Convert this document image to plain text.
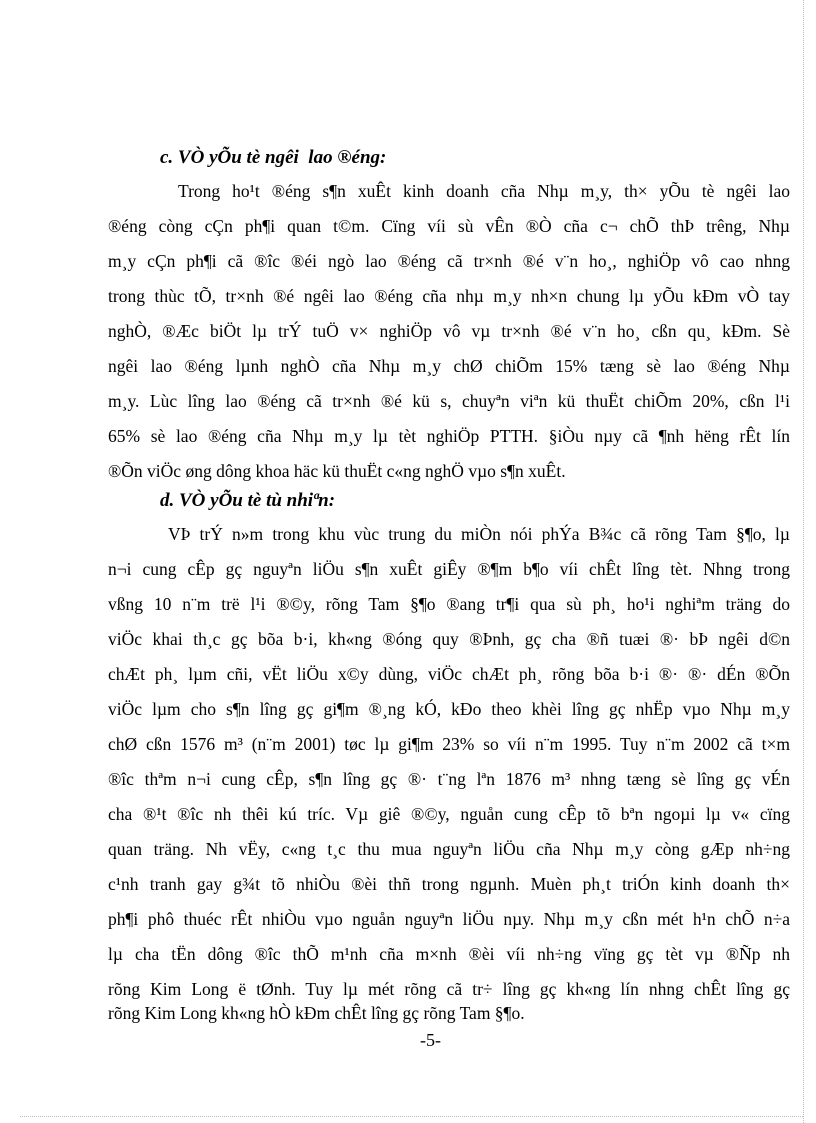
c. VÒ yÕu tè ngêi  lao ®éng:
Trong ho¹t ®éng s¶n xuÊt kinh doanh cña Nhµ m¸y, th× yÕu tè ngêi lao
®éng còng cÇn ph¶i quan t©m. Cïng víi sù vÊn ®Ò cña c¬ chÕ thÞ trêng, Nhµ
m¸y cÇn ph¶i cã ®îc ®éi ngò lao ®éng cã tr×nh ®é v¨n ho¸, nghiÖp vô cao nhng
trong thùc tÕ, tr×nh ®é ngêi lao ®éng cña nhµ m¸y nh×n chung lµ yÕu kÐm vÒ tay
nghÒ, ®Æc biÖt lµ trÝ tuÖ v× nghiÖp vô vµ tr×nh ®é v¨n ho¸ cßn qu¸ kÐm. Sè
ngêi lao ®éng lµnh nghÒ cña Nhµ m¸y chØ chiÕm 15% tæng sè lao ®éng Nhµ
m¸y. Lùc lîng lao ®éng cã tr×nh ®é kü s, chuyªn viªn kü thuËt chiÕm 20%, cßn l¹i
65% sè lao ®éng cña Nhµ m¸y lµ tèt nghiÖp PTTH. §iÒu nµy cã ¶nh hëng rÊt lín
®Õn viÖc øng dông khoa häc kü thuËt c«ng nghÖ vµo s¶n xuÊt.
d. VÒ yÕu tè tù nhiªn:
VÞ trÝ n»m trong khu vùc trung du miÒn nói phÝa B¾c cã rõng Tam §¶o, lµ
n¬i cung cÊp gç nguyªn liÖu s¶n xuÊt giÊy ®¶m b¶o víi chÊt lîng tèt. Nhng trong
vßng 10 n¨m trë l¹i ®©y, rõng Tam §¶o ®ang tr¶i qua sù ph¸ ho¹i nghiªm träng do
viÖc khai th¸c gç bõa b·i, kh«ng ®óng quy ®Þnh, gç cha ®ñ tuæi ®· bÞ ngêi d©n
chÆt ph¸ lµm cñi, vËt liÖu x©y dùng, viÖc chÆt ph¸ rõng bõa b·i ®· ®· dÉn ®Õn
viÖc lµm cho s¶n lîng gç gi¶m ®¸ng kÓ, kÐo theo khèi lîng gç nhËp vµo Nhµ m¸y
chØ cßn 1576 m³ (n¨m 2001) tøc lµ gi¶m 23% so víi n¨m 1995. Tuy n¨m 2002 cã t×m
®îc thªm n¬i cung cÊp, s¶n lîng gç ®· t¨ng lªn 1876 m³ nhng tæng sè lîng gç vÉn
cha ®¹t ®îc nh thêi kú tríc. Vµ giê ®©y, nguån cung cÊp tõ bªn ngoµi lµ v« cïng
quan träng. Nh vËy, c«ng t¸c thu mua nguyªn liÖu cña Nhµ m¸y còng gÆp nh÷ng
c¹nh tranh gay g¾t tõ nhiÒu ®èi thñ trong ngµnh. Muèn ph¸t triÓn kinh doanh th×
ph¶i phô thuéc rÊt nhiÒu vµo nguån nguyªn liÖu nµy. Nhµ m¸y cßn mét h¹n chÕ n÷a
lµ cha tËn dông ®îc thÕ m¹nh cña m×nh ®èi víi nh÷ng vïng gç tèt vµ ®Ñp nh
rõng Kim Long ë tØnh. Tuy lµ mét rõng cã tr÷ lîng gç kh«ng lín nhng chÊt lîng gç
rõng Kim Long kh«ng hÒ kÐm chÊt lîng gç rõng Tam §¶o.
-5-
